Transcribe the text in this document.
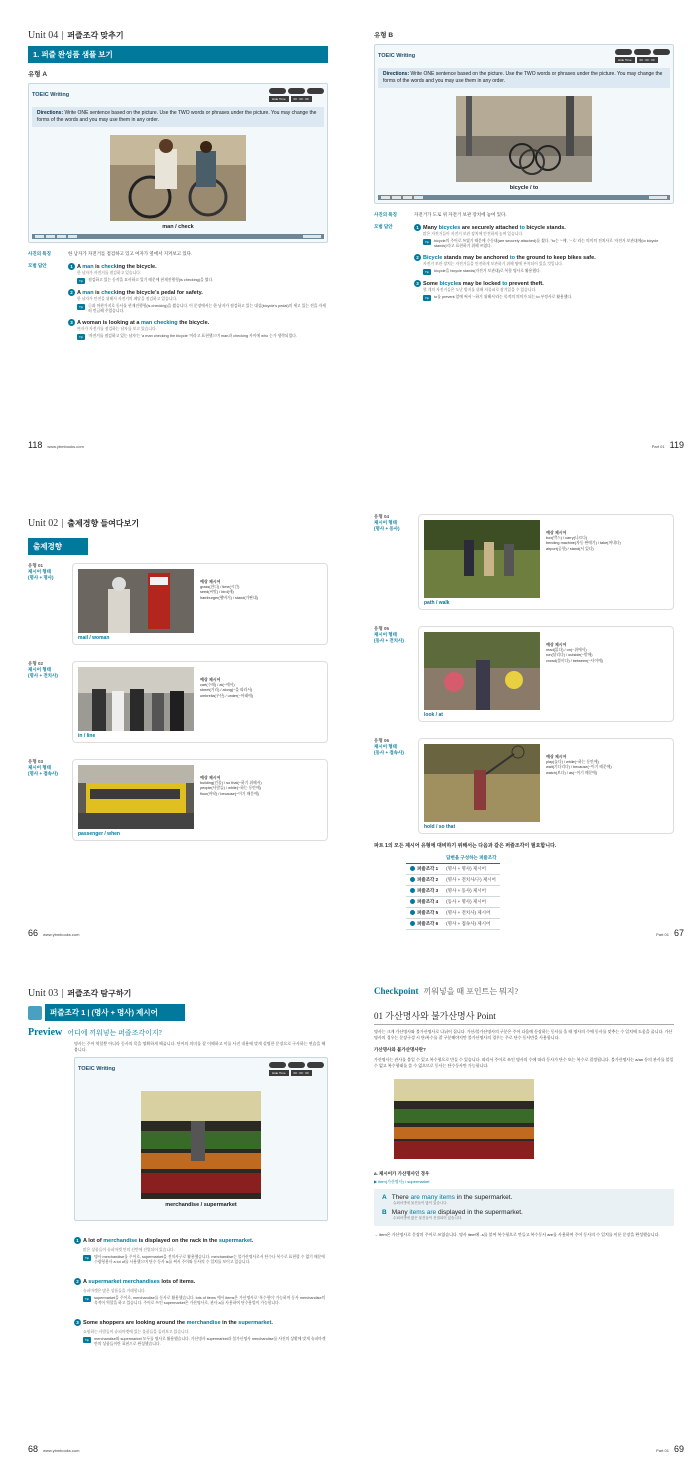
Unit 04 퍼즐조각 맞추기
1. 퍼즐 완성품 샘플 보기
유형 A
TOEIC Writing
Hide Time	00 : 00 : 00
Directions: Write ONE sentence based on the picture. Use the TWO words or phrases under the picture. You may change the forms of the words and you may use them in any order.
man / check
사진의 특징	한 남자가 자전거를 점검하고 있고 여자가 옆에서 지켜보고 있다.
모범 답안	1 A man is checking the bicycle.

한 남자가 자전거를 점검하고 있습니다.

Tip	점검하고 있는 동작을 묘사하고 있기 때문에 현재진행형(is checking)을 썼다.

2 A man is checking the bicycle's pedal for safety.

한 남자가 안전을 위해서 자전거의 페달을 점검하고 있습니다.

Tip	①과 마찬가지로 동사를 현재진행형(is checking)을 썼습니다. 이 문장에서는 한 남자가 점검하고 있는 대상(bicycle's pedal)의 세고 있는 전을 자세히 언급해 주었습니다.

3 A woman is looking at a man checking the bicycle.

여자가 자전거를 점검하는 남자를 보고 있습니다.

Tip	'자전거를 점검하고 있는 남자'는 'a man checking the bicycle '이라고 표현했으며 man과 checking 사이에 who 는가 생략되었다.

118 www.ybmbooks.com
유형 B
TOEIC Writing
Hide Time	00 : 00 : 00
Directions: Write ONE sentence based on the picture. Use the TWO words or phrases under the picture. You may change the forms of the words and you may use them in any order.
bicycle / to
사진의 특징	자전거가 도로 위 자전거 보관 장치에 놓여 있다.
모범 답안	1 Many bicycles are securely attached to bicycle stands.

많은 자전거들이 자전거 보관 장치에 안전하게 놓여 있습니다.

Tip	bicycle의 주어로 쓰였기 때문에 수동태(are securely attached)를 썼다. "to는 '~에', '~로' 라는 의미의 전치사로 '자전거 보관대에(to bicycle stands)'라고 표현하기 위해 쓰였다.

2 Bicycle stands may be anchored to the ground to keep bikes safe.

자전거 보관 장치는 자전거들을 안전하게 보관하기 위해 땅에 부착되어 있을 것입니다.

Tip	bicycle을 bicycle stands(자전거 보관대)로 복합 명사로 활용했다.

3 Some bicycles may be locked to prevent theft.

몇 개의 자전거들은 도난 방지를 위해 자물쇠로 잠겨있을 수 있습니다.

Tip	to를 prevent 앞에 써서 '~하기 위해서'라는 목적의 의미가 되는 to 부정사로 활용했다.

Part 01 119
Unit 02 출제경향 들여다보기
출제경향
유형 01
제시어 형태
(명사 + 명사)
예상 제시어
grass(잔디) / time(시간)
seed(씨앗) / bird(새)
hamburger(햄버거) / stand(가판대)
mail / woman
유형 02
제시어 형태
(명사 + 전치사)
예상 제시어
cart(수레) / at(~에서)
street(거리) / along(~을 따라서)
umbrella(우산) / under(~아래에)
in / line
유형 03
제시어 형태
(명사 + 접속사)
예상 제시어
building(건물) / so that(~하기 위해서)
people(사람들) / while(~하는 동안에)
floor(바닥) / because(~이기 때문에)
passenger / when
66 www.ybmbooks.com
유형 04
제시어 형태
(명사 + 동사)
예상 제시어
box(박스) / carry(나르다)
bending machine(자동 판매기) / take(꺼내다)
airport(공항) / stand(서 있다)
path / walk
유형 05
제시어 형태
(동사 + 전치사)
예상 제시어
read(읽다) / on(~위에서)
run(달리다) / outside(~밖에)
crowd(붐비다) / between(~사이에)
look / at
유형 06
제시어 형태
(동사 + 접속사)
예상 제시어
play(놀다) / while(~하는 동안에)
wait(기다리다) / because(~이기 때문에)
watch(보다) / as(~이기 때문에)
hold / so that
파트 1의 모든 제시어 유형에 대비하기 위해서는 다음과 같은 퍼즐조각이 필요합니다.
	답변을 구성하는 퍼즐조각
퍼즐조각 1	(명사 + 명사) 제시어
퍼즐조각 2	(명사 + 전치사/구) 제시어
퍼즐조각 3	(명사 + 동사) 제시어
퍼즐조각 4	(동사 + 명사) 제시어
퍼즐조각 5	(명사 + 전치사) 제시어
퍼즐조각 6	(명사 + 접속사) 제시어
Part 01 67
Unit 03 퍼즐조각 탐구하기
퍼즐조각 1 | (명사 + 명사) 제시어
Preview 어디에 끼워넣는 퍼즐조각이지?
명사는 주어 역할뿐 아니라 동사의 목을 명확하게 해줍니다. 단어의 의미를 잘 이해하고 이를 사진 내용에 맞게 설명한 문장으로 구사하는 연습을 해봅니다.
TOEIC Writing
Hide Time	00 : 00 : 00
merchandise / supermarket
1 A lot of merchandise is displayed on the rack in the supermarket.

많은 상품들이 슈퍼마켓 안의 선반에 진열되어 있습니다.

Tip	명사 merchandise를 주어로, supermarket을 전치사구로 활용했습니다. merchandise는 불가산명사로서 단수나 복수로 표현할 수 없기 때문에 수량형용사 a lot of를 사용했으며 단수 동사 is를 써서 주어와 동사의 수 일치를 보이고 있습니다.

2 A supermarket merchandises lots of items.

슈퍼마켓은 많은 상품들을 거래합니다.

Tip	supermarket을 주어로, merchandise를 동사로 활용했습니다. lots of items 에서 items은 가산명사로 '복수형이' 가능하며 동사 merchandise의 목적어 역할을 하고 있습니다. 주어로 쓰인 supermarket은 가산명사로, 관사 a를 사용하여 단수용법이 가능합니다.

3 Some shoppers are looking around the merchandise in the supermarket.

쇼핑하는 사람들이 슈퍼마켓에 있는 물품들을 둘러보고 있습니다.

Tip	merchandise와 supermarket 모두를 명사로 활용했습니다. 가산명사 supermarket과 불가산명사 merchandise를 사진의 상황에 맞게 슈퍼마켓 안의 상품들이란 표현으로 완성했습니다.

68 www.ybmbooks.com
Checkpoint 끼워넣을 때 포인트는 뭐지?
01 가산명사와 불가산명사 Point
명사는 크게 가산명사와 불가산명사로 나뉘어 집니다. 가산/불가산명사의 구분은 주어 다음에 등장하는 동사를 올 때 명사의 수에 동사를 맞추는 수 일치에 도움을 줍니다. 가산명사의 경우는 문장구성 시 단/복수를 잘 구분해야지만 불가산명사의 경우는 주로 단수 동사만을 사용합니다.
가산명사와 불가산명사란?
가산명사는 관사를 붙일 수 있고 복수형으로 만들 수 있습니다. 따라서 주어로 쓰인 명사의 수에 따라 동사가 단수 또는 복수로 결정됩니다. 불가산명사는 a/an 등의 관사를 붙일 수 없고 복수형태를 쓸 수 없으므로 동사는 단수동사만 가능합니다.
a. 제시어가 가산명사인 경우
▶ item(가산명사) / supermarket
A There are many items in the supermarket.

슈퍼마켓에 물건들이 많이 있습니다.

B Many items are displayed in the supermarket.

수퍼마켓에 많은 물건들이 진열되어 있습니다.

→ item은 가산명사로 문장의 주어로 쓰였습니다. 명사 item에 -s를 붙여 복수형으로 만들고 복수동사 are를 사용하여 주어 동사의 수 일치를 이룬 문장을 완성했습니다.
Part 01 69
